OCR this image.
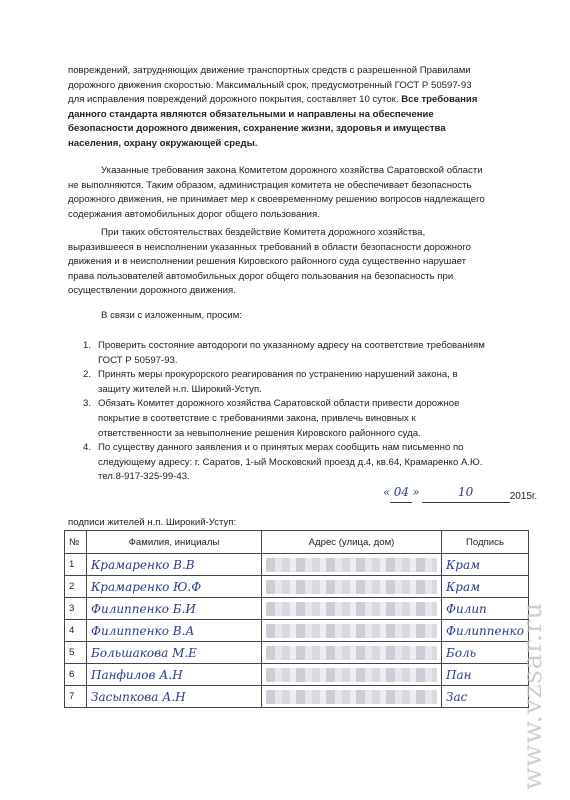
повреждений, затрудняющих движение транспортных средств с разрешенной Правилами
дорожного движения скоростью. Максимальный срок, предусмотренный ГОСТ Р 50597-93
для исправления повреждений дорожного покрытия, составляет 10 суток. Все требования
данного стандарта являются обязательными и направлены на обеспечение
безопасности дорожного движения, сохранение жизни, здоровья и имущества
населения, охрану окружающей среды.
Указанные требования закона Комитетом дорожного хозяйства Саратовской области
не выполняются. Таким образом, администрация комитета не обеспечивает безопасность
дорожного движения, не принимает мер к своевременному решению вопросов надлежащего
содержания автомобильных дорог общего пользования.
При таких обстоятельствах бездействие Комитета дорожного хозяйства,
выразившееся в неисполнении указанных требований в области безопасности дорожного
движения и в неисполнении решения Кировского районного суда существенно нарушает
права пользователей автомобильных дорог общего пользования на безопасность при
осуществлении дорожного движения.
В связи с изложенным, просим:
1. Проверить состояние автодороги по указанному адресу на соответствие требованиям
ГОСТ Р 50597-93.
2. Принять меры прокурорского реагирования по устранению нарушений закона, в
защиту жителей н.п. Широкий-Уступ.
3. Обязать Комитет дорожного хозяйства Саратовской области привести дорожное
покрытие в соответствие с требованиями закона, привлечь виновных к
ответственности за невыполнение решения Кировского районного суда.
4. По существу данного заявления и о принятых мерах сообщить нам письменно по
следующему адресу: г. Саратов, 1-ый Московский проезд д.4, кв.64, Крамаренко А.Ю.
тел.8-917-325-99-43.
« 04 »	10	2015г.
подписи жителей н.п. Широкий-Уступ:
№	Фамилия, инициалы	Адрес (улица, дом)	Подпись
1	Крамаренко В.В		Крам
2	Крамаренко Ю.Ф		Крам
3	Филиппенко Б.И		Филип
4	Филиппенко В.А		Филиппенко
5	Большакова М.Е		Боль
6	Панфилов А.Н		Пан
7	Засыпкова А.Н		Зас www.vzsar.ru
